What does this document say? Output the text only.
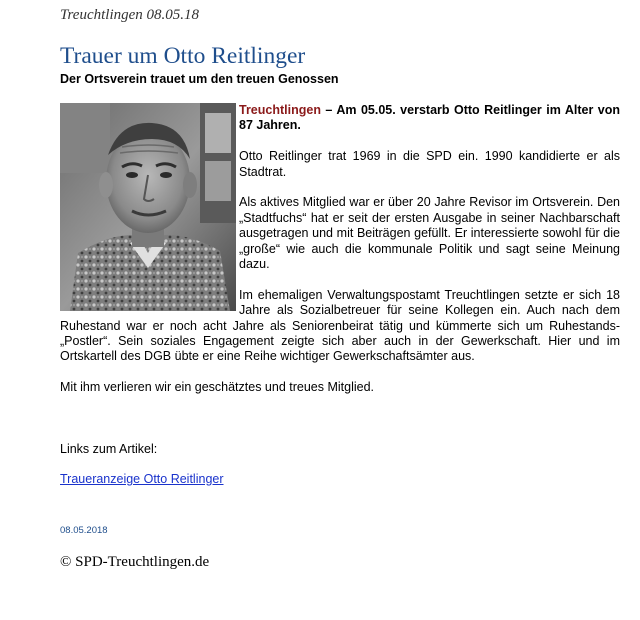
Treuchtlingen 08.05.18
Trauer um Otto Reitlinger
Der Ortsverein trauet um den treuen Genossen

Treuchtlingen – Am 05.05. verstarb Otto Reitlinger im Alter von 87 Jahren.

Otto Reitlinger trat 1969 in die SPD ein. 1990 kandidierte er als Stadtrat.

Als aktives Mitglied war er über 20 Jahre Revisor im Ortsverein. Den „Stadtfuchs“ hat er seit der ersten Ausgabe in seiner Nachbarschaft ausgetragen und mit Beiträgen gefüllt. Er interessierte sowohl für die „große“ wie auch die kommunale Politik und sagt seine Meinung dazu.

Im ehemaligen Verwaltungspostamt Treuchtlingen setzte er sich 18 Jahre als Sozialbetreuer für seine Kollegen ein. Auch nach dem Ruhestand war er noch acht Jahre als Seniorenbeirat tätig und kümmerte sich um Ruhestands-„Postler“. Sein soziales Engagement zeigte sich aber auch in der Gewerkschaft. Hier und im Ortskartell des DGB übte er eine Reihe wichtiger Gewerkschaftsämter aus.

Mit ihm verlieren wir ein geschätztes und treues Mitglied.

Links zum Artikel:
Traueranzeige Otto Reitlinger
08.05.2018
© SPD-Treuchtlingen.de
